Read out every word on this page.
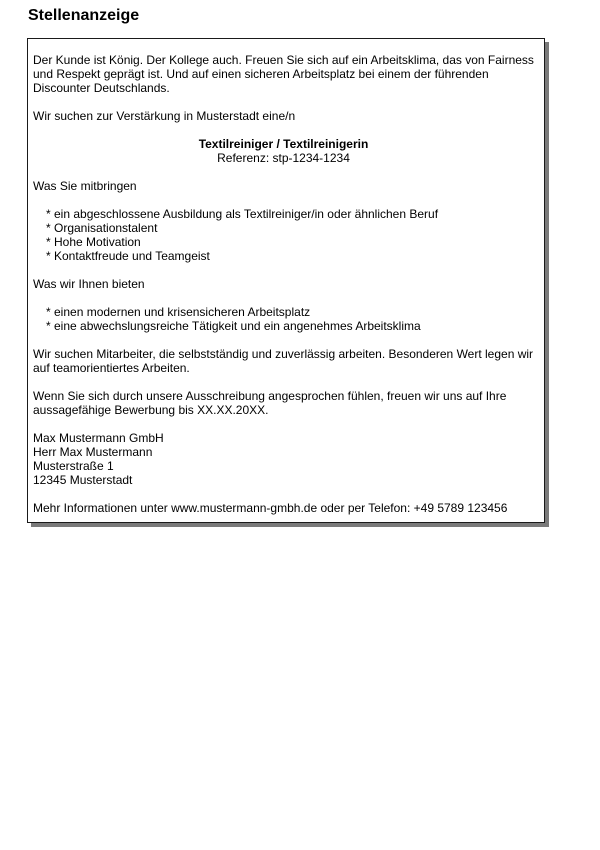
Stellenanzeige

Der Kunde ist König. Der Kollege auch. Freuen Sie sich auf ein Arbeitsklima, das von Fairness und Respekt geprägt ist. Und auf einen sicheren Arbeitsplatz bei einem der führenden Discounter Deutschlands.

Wir suchen zur Verstärkung in Musterstadt eine/n

Textilreiniger / Textilreinigerin
Referenz: stp-1234-1234

Was Sie mitbringen

* ein abgeschlossene Ausbildung als Textilreiniger/in oder ähnlichen Beruf
* Organisationstalent
* Hohe Motivation
* Kontaktfreude und Teamgeist

Was wir Ihnen bieten

* einen modernen und krisensicheren Arbeitsplatz
* eine abwechslungsreiche Tätigkeit und ein angenehmes Arbeitsklima

Wir suchen Mitarbeiter, die selbstständig und zuverlässig arbeiten. Besonderen Wert legen wir auf teamorientiertes Arbeiten.

Wenn Sie sich durch unsere Ausschreibung angesprochen fühlen, freuen wir uns auf Ihre aussagefähige Bewerbung bis XX.XX.20XX.

Max Mustermann GmbH
Herr Max Mustermann
Musterstraße 1
12345 Musterstadt

Mehr Informationen unter www.mustermann-gmbh.de oder per Telefon: +49 5789 123456
